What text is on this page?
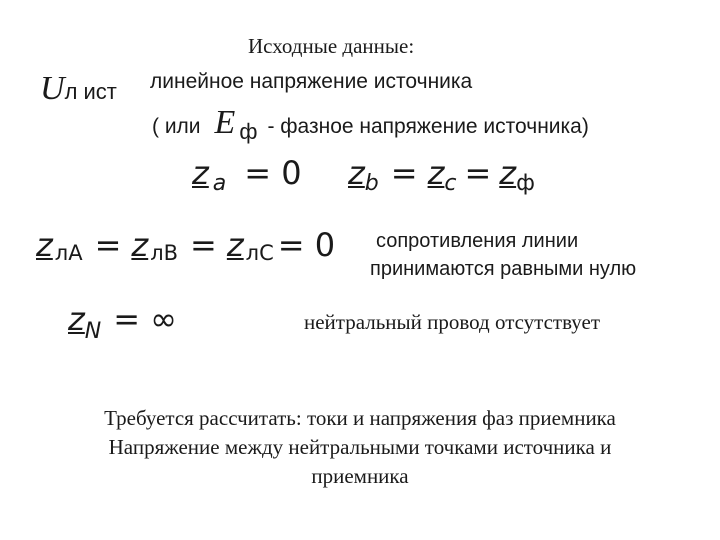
Исходные данные:
Uл ист линейное напряжение источника
( или E ф - фазное напряжение источника)
z a = 0 z b = z c = z ф
z лA = z лB = z лC = 0 сопротивления линии
принимаются равными нулю
z N = ∞	нейтральный провод отсутствует
Требуется рассчитать: токи и напряжения фаз приемника
Напряжение между нейтральными точками источника и
приемника
